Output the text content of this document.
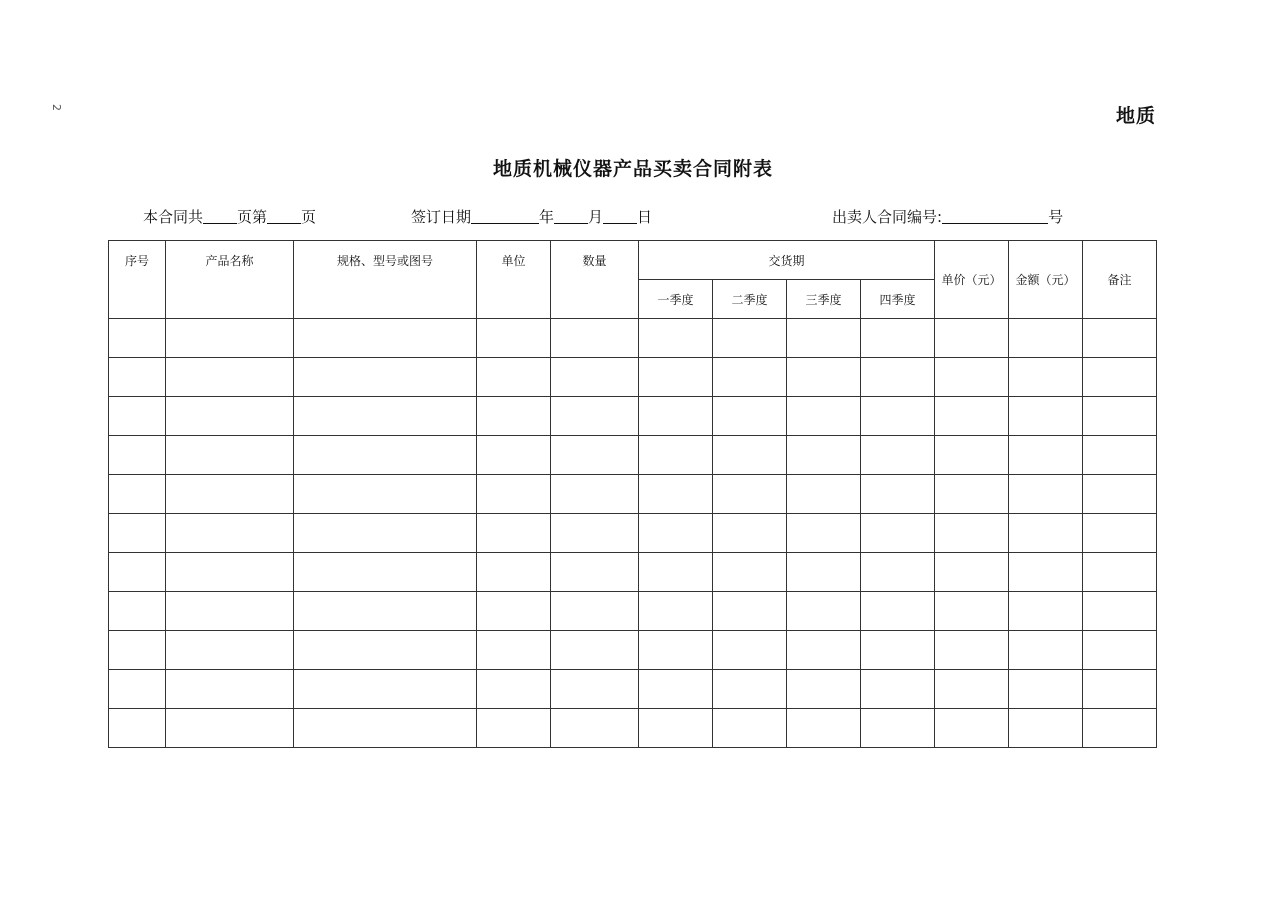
2	地质
地质机械仪器产品买卖合同附表
本合同共 页第 页	签订日期	年 月 日	出卖人合同编号:	号
序号	产品名称	规格、型号或图号	单位	数量	交货期				单价（元）	金额（元）	备注
					一季度	二季度	三季度	四季度			
